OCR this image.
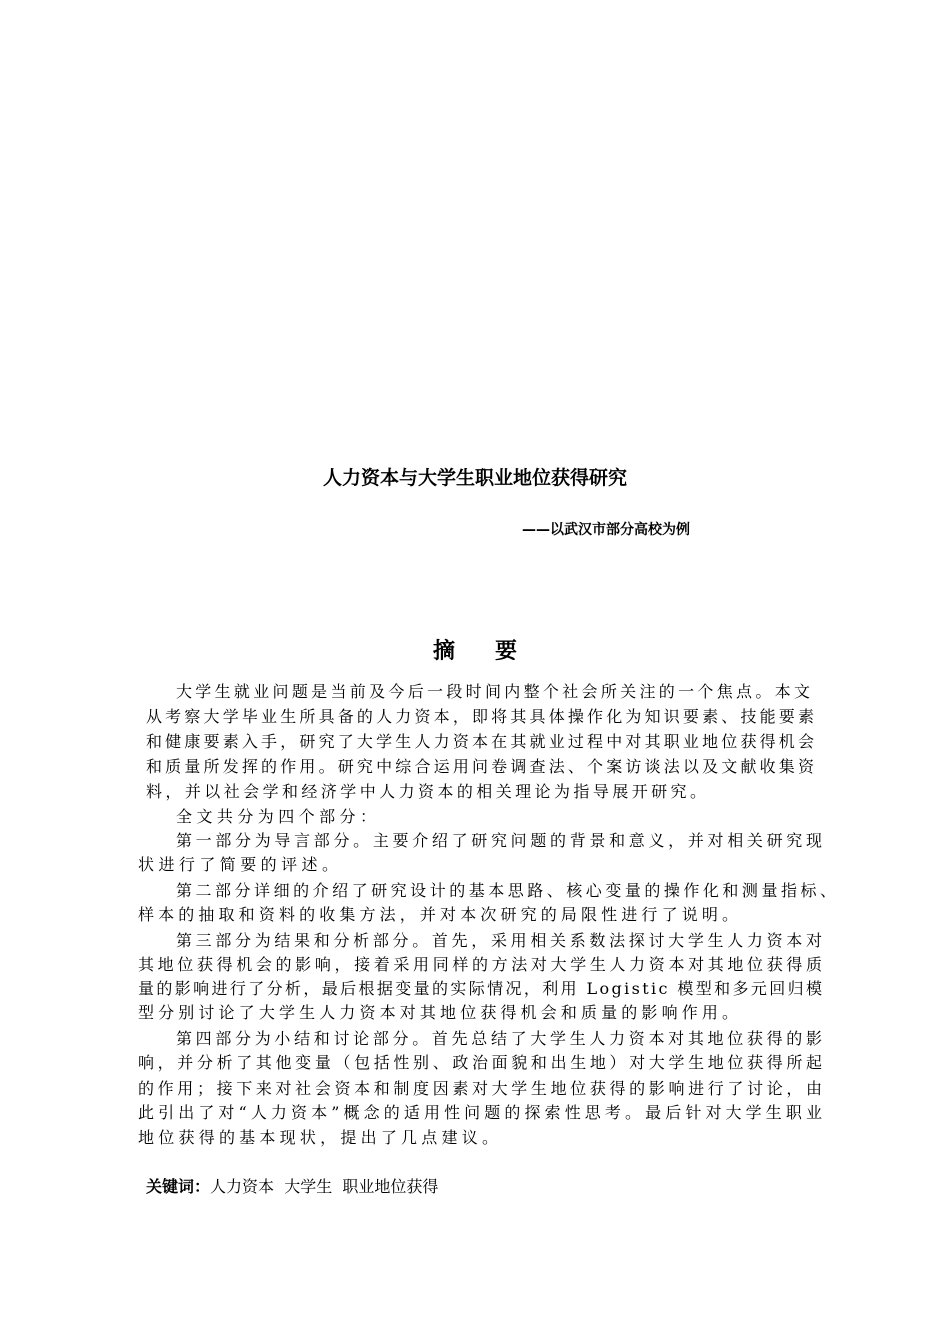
人力资本与大学生职业地位获得研究
——以武汉市部分高校为例
摘要
大学生就业问题是当前及今后一段时间内整个社会所关注的一个焦点。本文
从考察大学毕业生所具备的人力资本，即将其具体操作化为知识要素、技能要素
和健康要素入手，研究了大学生人力资本在其就业过程中对其职业地位获得机会
和质量所发挥的作用。研究中综合运用问卷调查法、个案访谈法以及文献收集资
料，并以社会学和经济学中人力资本的相关理论为指导展开研究。
全文共分为四个部分：
第一部分为导言部分。主要介绍了研究问题的背景和意义，并对相关研究现
状进行了简要的评述。
第二部分详细的介绍了研究设计的基本思路、核心变量的操作化和测量指标、
样本的抽取和资料的收集方法，并对本次研究的局限性进行了说明。
第三部分为结果和分析部分。首先，采用相关系数法探讨大学生人力资本对
其地位获得机会的影响，接着采用同样的方法对大学生人力资本对其地位获得质
量的影响进行了分析，最后根据变量的实际情况，利用 Logistic 模型和多元回归模
型分别讨论了大学生人力资本对其地位获得机会和质量的影响作用。
第四部分为小结和讨论部分。首先总结了大学生人力资本对其地位获得的影
响，并分析了其他变量（包括性别、政治面貌和出生地）对大学生地位获得所起
的作用；接下来对社会资本和制度因素对大学生地位获得的影响进行了讨论，由
此引出了对“人力资本”概念的适用性问题的探索性思考。最后针对大学生职业
地位获得的基本现状，提出了几点建议。
关键词：人力资本  大学生  职业地位获得
